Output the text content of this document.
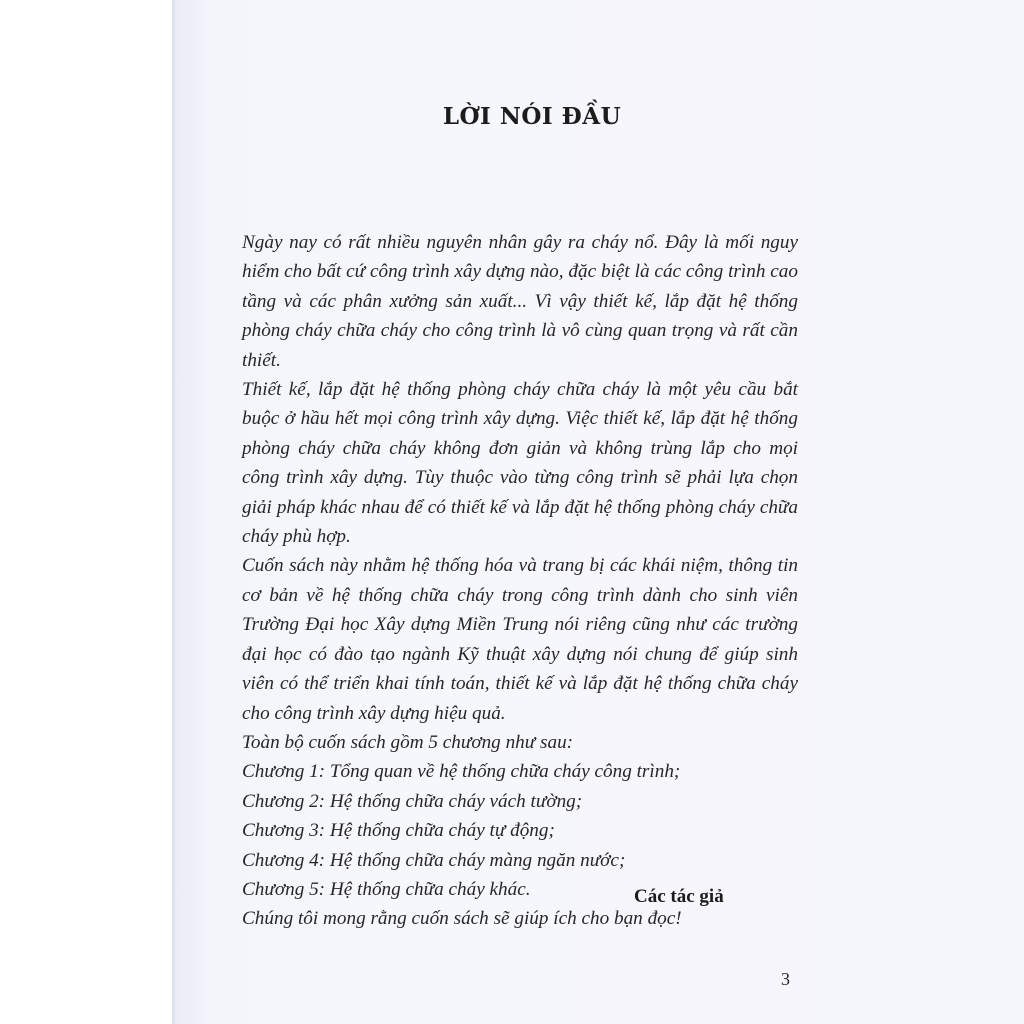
LỜI NÓI ĐẦU

Ngày nay có rất nhiều nguyên nhân gây ra cháy nổ. Đây là mối nguy hiểm cho bất cứ công trình xây dựng nào, đặc biệt là các công trình cao tầng và các phân xưởng sản xuất... Vì vậy thiết kế, lắp đặt hệ thống phòng cháy chữa cháy cho công trình là vô cùng quan trọng và rất cần thiết.

Thiết kế, lắp đặt hệ thống phòng cháy chữa cháy là một yêu cầu bắt buộc ở hầu hết mọi công trình xây dựng. Việc thiết kế, lắp đặt hệ thống phòng cháy chữa cháy không đơn giản và không trùng lắp cho mọi công trình xây dựng. Tùy thuộc vào từng công trình sẽ phải lựa chọn giải pháp khác nhau để có thiết kế và lắp đặt hệ thống phòng cháy chữa cháy phù hợp.

Cuốn sách này nhằm hệ thống hóa và trang bị các khái niệm, thông tin cơ bản về hệ thống chữa cháy trong công trình dành cho sinh viên Trường Đại học Xây dựng Miền Trung nói riêng cũng như các trường đại học có đào tạo ngành Kỹ thuật xây dựng nói chung để giúp sinh viên có thể triển khai tính toán, thiết kế và lắp đặt hệ thống chữa cháy cho công trình xây dựng hiệu quả.

Toàn bộ cuốn sách gồm 5 chương như sau:

Chương 1: Tổng quan về hệ thống chữa cháy công trình;

Chương 2: Hệ thống chữa cháy vách tường;

Chương 3: Hệ thống chữa cháy tự động;

Chương 4: Hệ thống chữa cháy màng ngăn nước;

Chương 5: Hệ thống chữa cháy khác.

Chúng tôi mong rằng cuốn sách sẽ giúp ích cho bạn đọc!

Các tác giả
3
